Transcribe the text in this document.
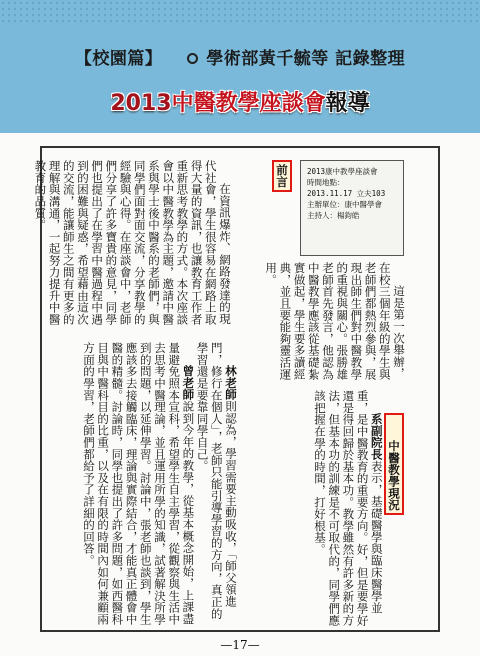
【校園篇】	學術部黃千毓等 記錄整理
2013中醫教學座談會報導
2013康中教學座談會
時間地點：
2013.11.17 立夫103
主辦單位：康中醫學會
主持人：楊鈞皓
前言

這是第一次舉辦，在校三個年級的學生與老師們都熱烈參與，展現出師生們對中醫教學的重視與關心。張勝雄老師首先發言，他認為中醫教學應該從基礎紮實做起，學生要多讀經典，並且要能夠靈活運用。

在資訊爆炸、網路發達的現代社會，學生很容易在網路上取得大量的資訊，也讓教育工作者重新思考教學的方式。本次座談會以中醫教學為主題，邀請中醫系與學士後中醫系的老師們，與同學們面對面交流，分享教學的經驗與心得。在座談會中，老師們分享了許多寶貴的意見，同學們也提出了在學習中醫過程中遇到的困難與疑惑，希望藉由這次的交流，能讓師生之間有更多的理解與溝通，一起努力提升中醫教育的品質。

中醫教學現況

系副院長表示，基礎醫學與臨床醫學並重，是中醫教育的重要方向。好，但是要學好還是得回歸於基本功。教學雖然有許多新的方法，但基本功的訓練是不可取代的，同學們應該把握在學的時間，打好根基。

林老師則認為，學習需要主動吸收，「師父領進門，修行在個人」，老師只能引導學習的方向，真正的學習還是要靠同學自己。

曾老師說到今年的教學，從基本概念開始，上課盡量避免照本宣科，希望學生自主學習，從觀察與生活中去思考中醫理論，並且運用所學的知識，試著解決所學到的問題，以延伸學習。討論中，張老師也談到，學生應該多去接觸臨床，理論與實際結合，才能真正體會中醫的精髓。討論時，同學也提出了許多問題，如西醫科目與中醫科目的比重，以及在有限的時間內如何兼顧兩方面的學習，老師們都給予了詳細的回答。

—17—
